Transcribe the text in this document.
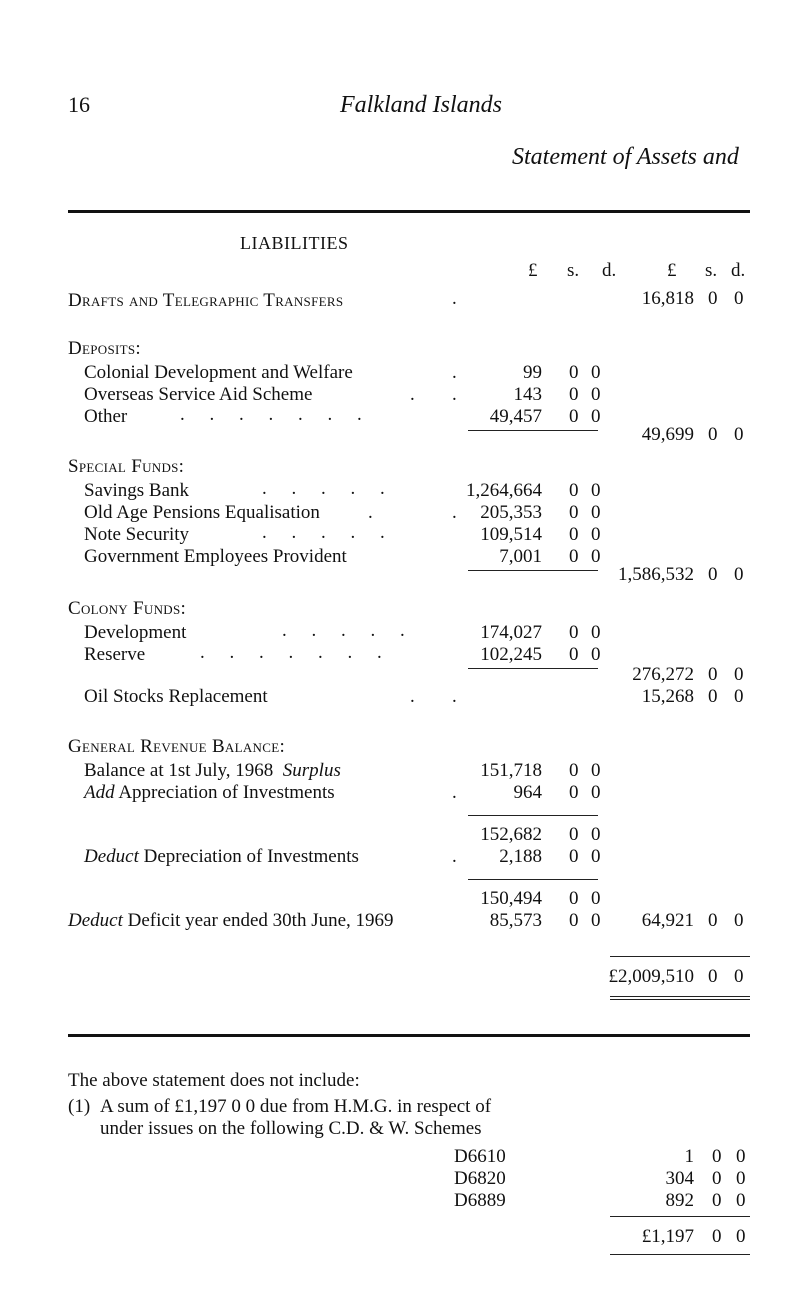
16	Falkland Islands
Statement of Assets and
LIABILITIES
£ s. d.	£ s. d.
Drafts and Telegraphic Transfers	.	16,818 0 0
Deposits:
Colonial Development and Welfare	.	99 0 0
Overseas Service Aid Scheme	. .	143 0 0
Other	. . . . . . .	49,457 0 0
49,699 0 0
Special Funds:
Savings Bank	. . . . .	1,264,664 0 0
Old Age Pensions Equalisation	.	.	205,353 0 0
Note Security	. . . . .	109,514 0 0
Government Employees Provident	7,001 0 0
1,586,532 0 0
Colony Funds:
Development	. . . . .	174,027 0 0
Reserve	. . . . . . .	102,245 0 0
276,272 0 0
Oil Stocks Replacement	. .	15,268 0 0
General Revenue Balance:
Balance at 1st July, 1968 Surplus	151,718 0 0
Add Appreciation of Investments	.	964 0 0
152,682 0 0
Deduct Depreciation of Investments	.	2,188 0 0
150,494 0 0
Deduct Deficit year ended 30th June, 1969	85,573 0 0	64,921 0 0
£2,009,510 0 0
The above statement does not include:
(1) A sum of £1,197 0 0 due from H.M.G. in respect of
under issues on the following C.D. & W. Schemes
D6610	1 0 0
D6820	304 0 0
D6889	892 0 0
£1,197 0 0
